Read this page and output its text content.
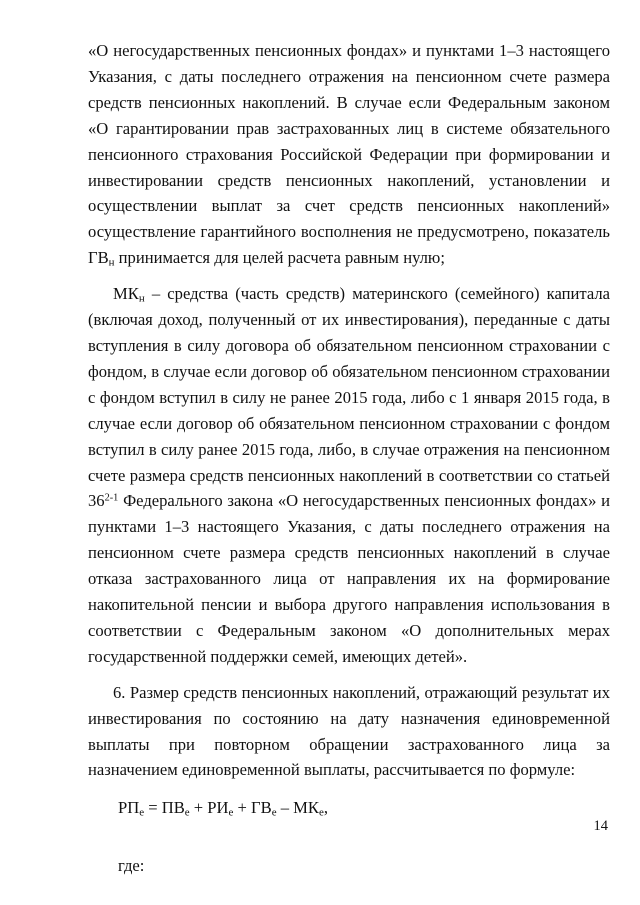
«О негосударственных пенсионных фондах» и пунктами 1–3 настоящего Указания, с даты последнего отражения на пенсионном счете размера средств пенсионных накоплений. В случае если Федеральным законом «О гарантировании прав застрахованных лиц в системе обязательного пенсионного страхования Российской Федерации при формировании и инвестировании средств пенсионных накоплений, установлении и осуществлении выплат за счет средств пенсионных накоплений» осуществление гарантийного восполнения не предусмотрено, показатель $ГВ_н$ принимается для целей расчета равным нулю;

$МК_н$ – средства (часть средств) материнского (семейного) капитала (включая доход, полученный от их инвестирования), переданные с даты вступления в силу договора об обязательном пенсионном страховании с фондом, в случае если договор об обязательном пенсионном страховании с фондом вступил в силу не ранее 2015 года, либо с 1 января 2015 года, в случае если договор об обязательном пенсионном страховании с фондом вступил в силу ранее 2015 года, либо, в случае отражения на пенсионном счете размера средств пенсионных накоплений в соответствии со статьей 36$^{2-1}$ Федерального закона «О негосударственных пенсионных фондах» и пунктами 1–3 настоящего Указания, с даты последнего отражения на пенсионном счете размера средств пенсионных накоплений в случае отказа застрахованного лица от направления их на формирование накопительной пенсии и выбора другого направления использования в соответствии с Федеральным законом «О дополнительных мерах государственной поддержки семей, имеющих детей».

6. Размер средств пенсионных накоплений, отражающий результат их инвестирования по состоянию на дату назначения единовременной выплаты при повторном обращении застрахованного лица за назначением единовременной выплаты, рассчитывается по формуле:

$РП_е = ПВ_е + РИ_е + ГВ_е - МК_е$,

где:

14
